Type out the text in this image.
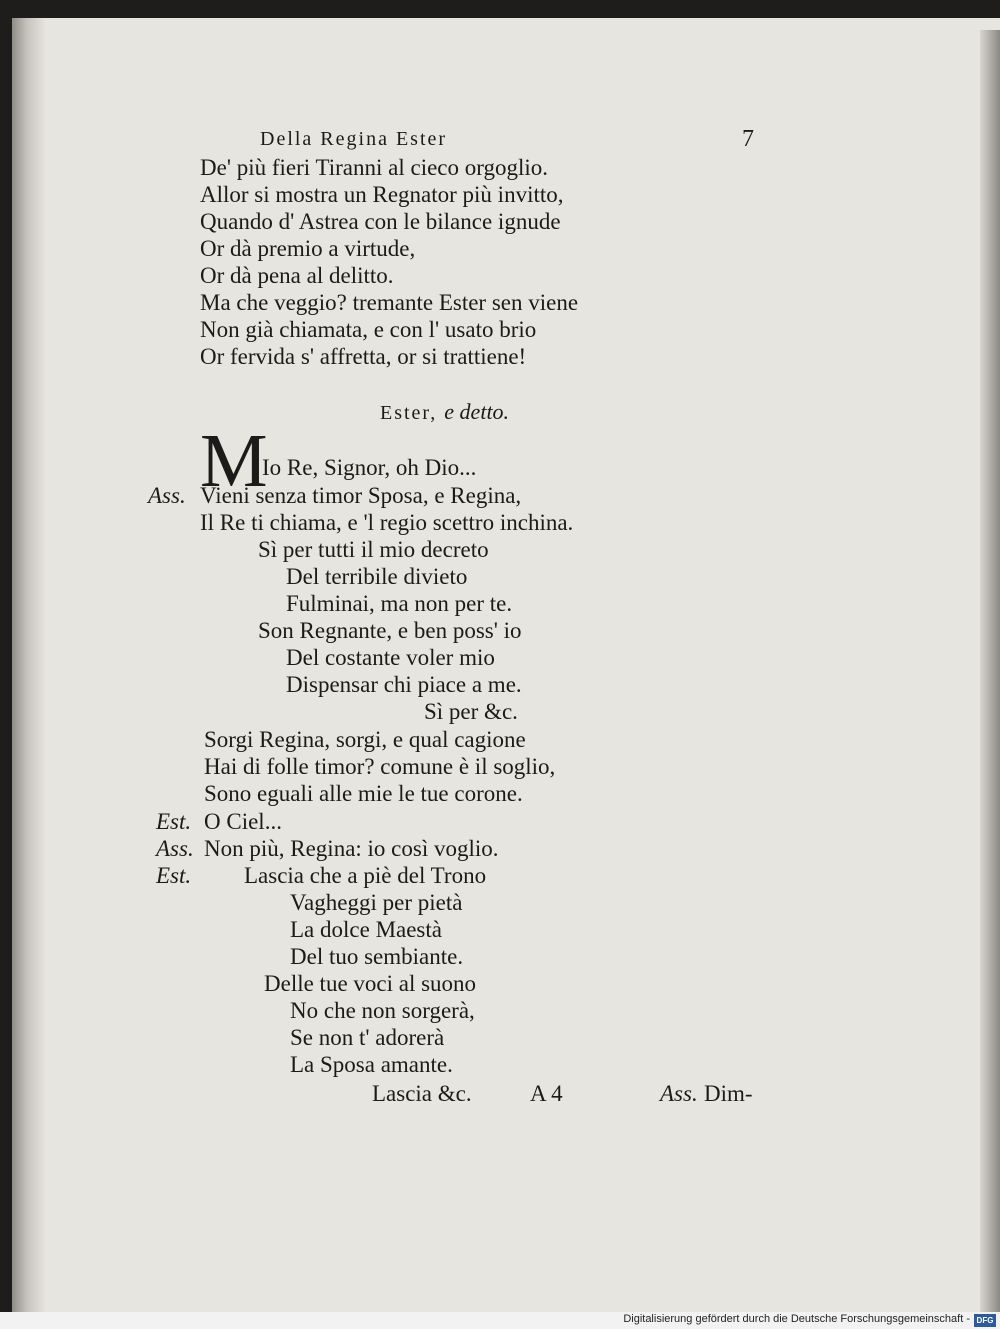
Della Regina Ester	7
De' più fieri Tiranni al cieco orgoglio.
Allor si mostra un Regnator più invitto,
Quando d' Astrea con le bilance ignude
Or dà premio a virtude,
Or dà pena al delitto.
Ma che veggio? tremante Ester sen viene
Non già chiamata, e con l' usato brio
Or fervida s' affretta, or si trattiene!
Ester, e detto.
M
Io Re, Signor, oh Dio...
Ass. Vieni senza timor Sposa, e Regina,
Il Re ti chiama, e 'l regio scettro inchina.
Sì per tutti il mio decreto
Del terribile divieto
Fulminai, ma non per te.
Son Regnante, e ben poss' io
Del costante voler mio
Dispensar chi piace a me.
Sì per &c.
Sorgi Regina, sorgi, e qual cagione
Hai di folle timor? comune è il soglio,
Sono eguali alle mie le tue corone.
Est. O Ciel...
Ass. Non più, Regina: io così voglio.
Est. Lascia che a piè del Trono
Vagheggi per pietà
La dolce Maestà
Del tuo sembiante.
Delle tue voci al suono
No che non sorgerà,
Se non t' adorerà
La Sposa amante.
Lascia &c.	A 4	Ass. Dim-
Digitalisierung gefördert durch die Deutsche Forschungsgemeinschaft - DFG
